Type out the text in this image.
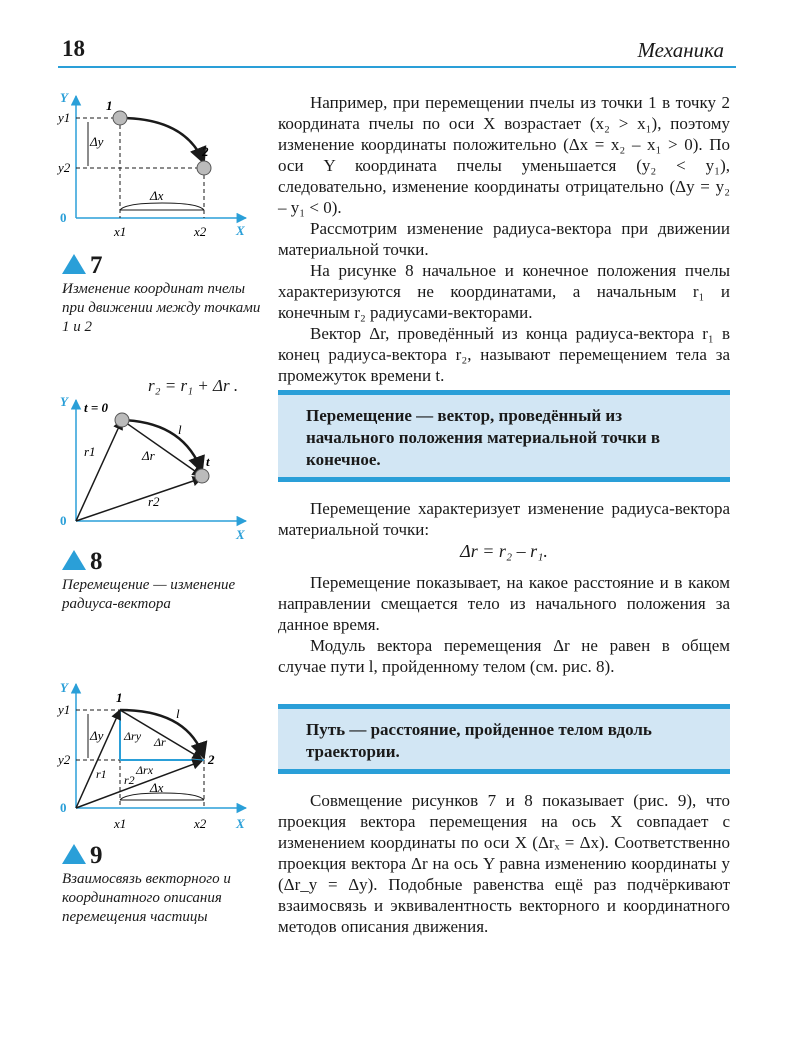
18	Механика
Y
X
0
y1
y2
x1	x2
Δy
Δx
1
2
7
Изменение координат пчелы при движении между точками 1 и 2
r₂ = r₁ + Δr .
Y
X
0
t = 0
t
l
r1
r2
Δr
8
Перемещение — изменение радиуса-вектора
Y
X
0
y1
y2
x1	x2
Δy
Δx
1
2
l
r1 r2
Δr
Δry
Δrx
9
Взаимосвязь векторного и координатного описания перемещения частицы

Например, при перемещении пчелы из точки 1 в точку 2 координата пчелы по оси X возрастает (x₂ > x₁), поэтому изменение координаты положительно (Δx = x₂ – x₁ > 0). По оси Y координата пчелы уменьшается (y₂ < y₁), следовательно, изменение координаты отрицательно (Δy = y₂ – y₁ < 0).

Рассмотрим изменение радиуса-вектора при движении материальной точки.

На рисунке 8 начальное и конечное положения пчелы характеризуются не координатами, а начальным r₁ и конечным r₂ радиусами-векторами.

Вектор Δr, проведённый из конца радиуса-вектора r₁ в конец радиуса-вектора r₂, называют перемещением тела за промежуток времени t.

Перемещение — вектор, проведённый из начального положения материальной точки в конечное.

Перемещение характеризует изменение радиуса-вектора материальной точки:

Δr = r₂ – r₁.

Перемещение показывает, на какое расстояние и в каком направлении смещается тело из начального положения за данное время.

Модуль вектора перемещения Δr не равен в общем случае пути l, пройденному телом (см. рис. 8).

Путь — расстояние, пройденное телом вдоль траектории.

Совмещение рисунков 7 и 8 показывает (рис. 9), что проекция вектора перемещения на ось X совпадает с изменением координаты по оси X (Δrₓ = Δx). Соответственно проекция вектора Δr на ось Y равна изменению координаты y (Δr_y = Δy). Подобные равенства ещё раз подчёркивают взаимосвязь и эквивалентность векторного и координатного методов описания движения.
